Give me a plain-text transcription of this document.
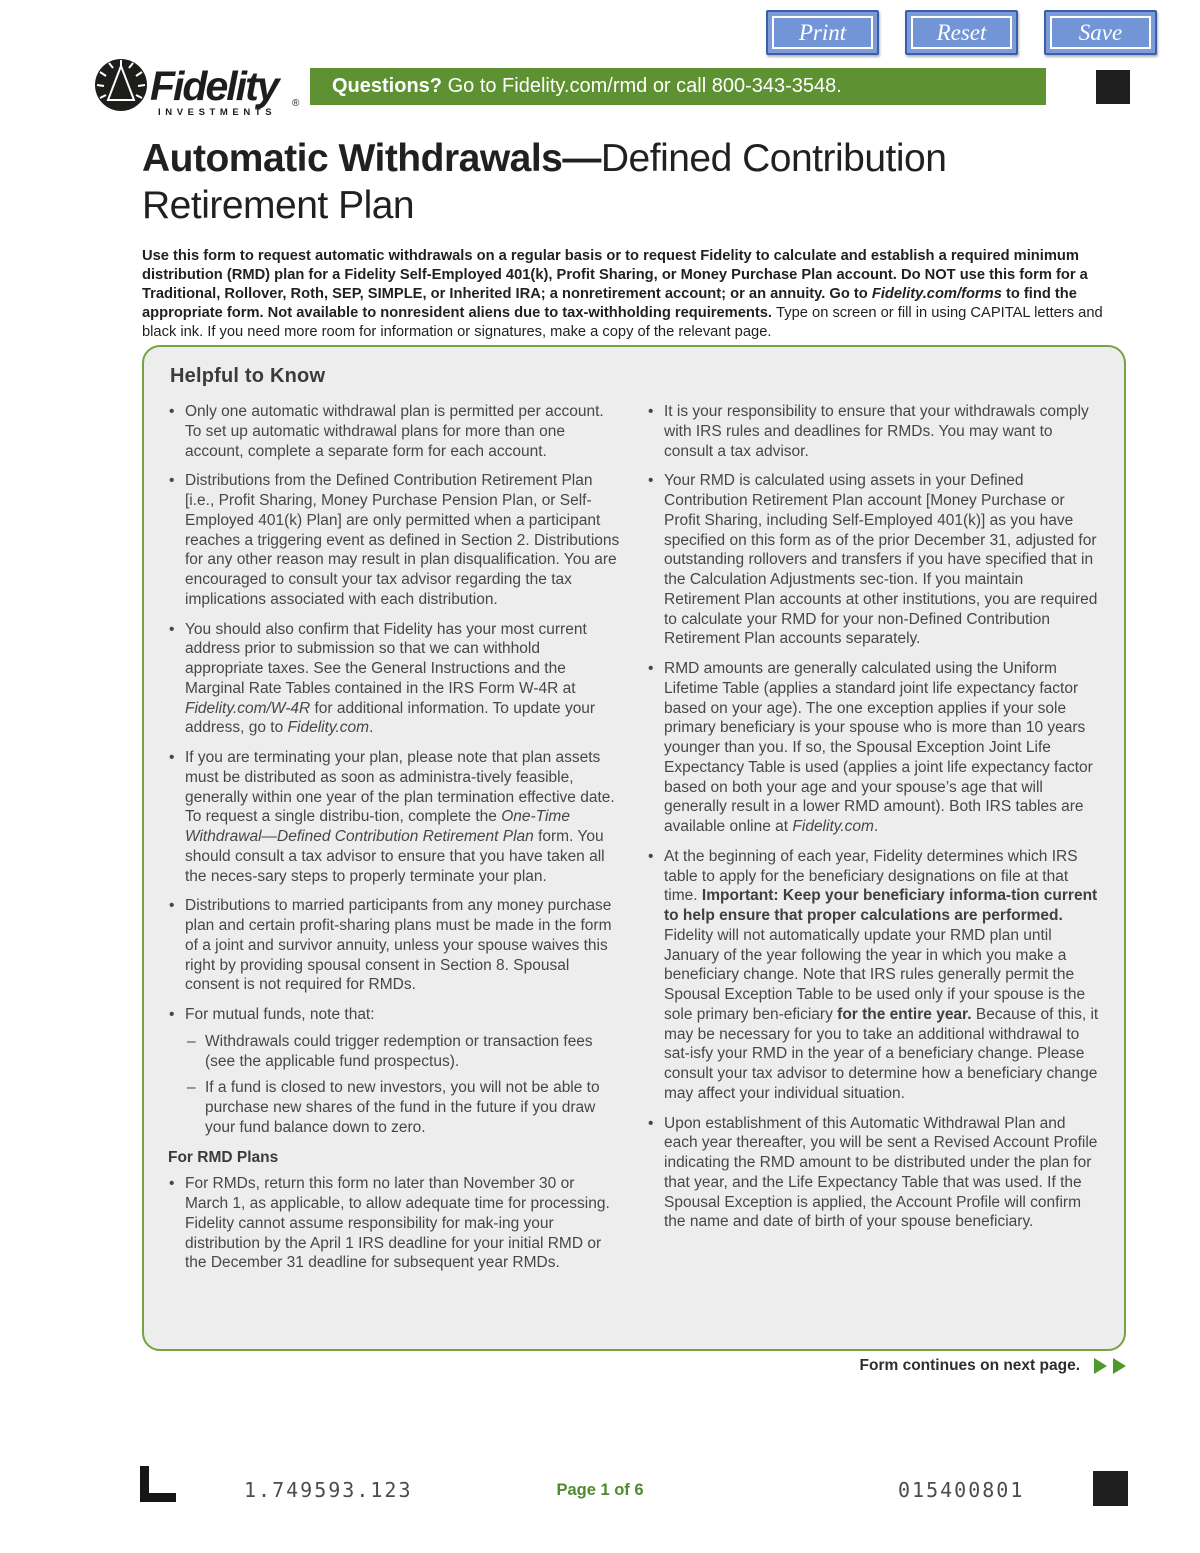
Print	Reset	Save
Fidelity	®
INVESTMENTS
Questions? Go to Fidelity.com/rmd or call 800-343-3548.
Automatic Withdrawals—Defined Contribution Retirement Plan

Use this form to request automatic withdrawals on a regular basis or to request Fidelity to calculate and establish a required minimum distribution (RMD) plan for a Fidelity Self-Employed 401(k), Profit Sharing, or Money Purchase Plan account. Do NOT use this form for a Traditional, Rollover, Roth, SEP, SIMPLE, or Inherited IRA; a nonretirement account; or an annuity. Go to Fidelity.com/forms to find the appropriate form. Not available to nonresident aliens due to tax-withholding requirements. Type on screen or fill in using CAPITAL letters and black ink. If you need more room for information or signatures, make a copy of the relevant page.

Helpful to Know
• Only one automatic withdrawal plan is permitted per account. To set up automatic withdrawal plans for more than one account, complete a separate form for each account.
• Distributions from the Defined Contribution Retirement Plan [i.e., Profit Sharing, Money Purchase Pension Plan, or Self-Employed 401(k) Plan] are only permitted when a participant reaches a triggering event as defined in Section 2. Distributions for any other reason may result in plan disqualification. You are encouraged to consult your tax advisor regarding the tax implications associated with each distribution.
• You should also confirm that Fidelity has your most current address prior to submission so that we can withhold appropriate taxes. See the General Instructions and the Marginal Rate Tables contained in the IRS Form W-4R at Fidelity.com/W-4R for additional information. To update your address, go to Fidelity.com.
• If you are terminating your plan, please note that plan assets must be distributed as soon as administra-tively feasible, generally within one year of the plan termination effective date. To request a single distribu-tion, complete the One-Time Withdrawal—Defined Contribution Retirement Plan form. You should consult a tax advisor to ensure that you have taken all the neces-sary steps to properly terminate your plan.
• Distributions to married participants from any money purchase plan and certain profit-sharing plans must be made in the form of a joint and survivor annuity, unless your spouse waives this right by providing spousal consent in Section 8. Spousal consent is not required for RMDs.
• For mutual funds, note that:
– Withdrawals could trigger redemption or transaction fees (see the applicable fund prospectus).
– If a fund is closed to new investors, you will not be able to purchase new shares of the fund in the future if you draw your fund balance down to zero.
For RMD Plans
• For RMDs, return this form no later than November 30 or March 1, as applicable, to allow adequate time for processing. Fidelity cannot assume responsibility for mak-ing your distribution by the April 1 IRS deadline for your initial RMD or the December 31 deadline for subsequent year RMDs.
• It is your responsibility to ensure that your withdrawals comply with IRS rules and deadlines for RMDs. You may want to consult a tax advisor.
• Your RMD is calculated using assets in your Defined Contribution Retirement Plan account [Money Purchase or Profit Sharing, including Self-Employed 401(k)] as you have specified on this form as of the prior December 31, adjusted for outstanding rollovers and transfers if you have specified that in the Calculation Adjustments sec-tion. If you maintain Retirement Plan accounts at other institutions, you are required to calculate your RMD for your non-Defined Contribution Retirement Plan accounts separately.
• RMD amounts are generally calculated using the Uniform Lifetime Table (applies a standard joint life expectancy factor based on your age). The one exception applies if your sole primary beneficiary is your spouse who is more than 10 years younger than you. If so, the Spousal Exception Joint Life Expectancy Table is used (applies a joint life expectancy factor based on both your age and your spouse’s age that will generally result in a lower RMD amount). Both IRS tables are available online at Fidelity.com.
• At the beginning of each year, Fidelity determines which IRS table to apply for the beneficiary designations on file at that time. Important: Keep your beneficiary informa-tion current to help ensure that proper calculations are performed. Fidelity will not automatically update your RMD plan until January of the year following the year in which you make a beneficiary change. Note that IRS rules generally permit the Spousal Exception Table to be used only if your spouse is the sole primary ben-eficiary for the entire year. Because of this, it may be necessary for you to take an additional withdrawal to sat-isfy your RMD in the year of a beneficiary change. Please consult your tax advisor to determine how a beneficiary change may affect your individual situation.
• Upon establishment of this Automatic Withdrawal Plan and each year thereafter, you will be sent a Revised Account Profile indicating the RMD amount to be distributed under the plan for that year, and the Life Expectancy Table that was used. If the Spousal Exception is applied, the Account Profile will confirm the name and date of birth of your spouse beneficiary.
Form continues on next page.
1.749593.123	Page 1 of 6	015400801
